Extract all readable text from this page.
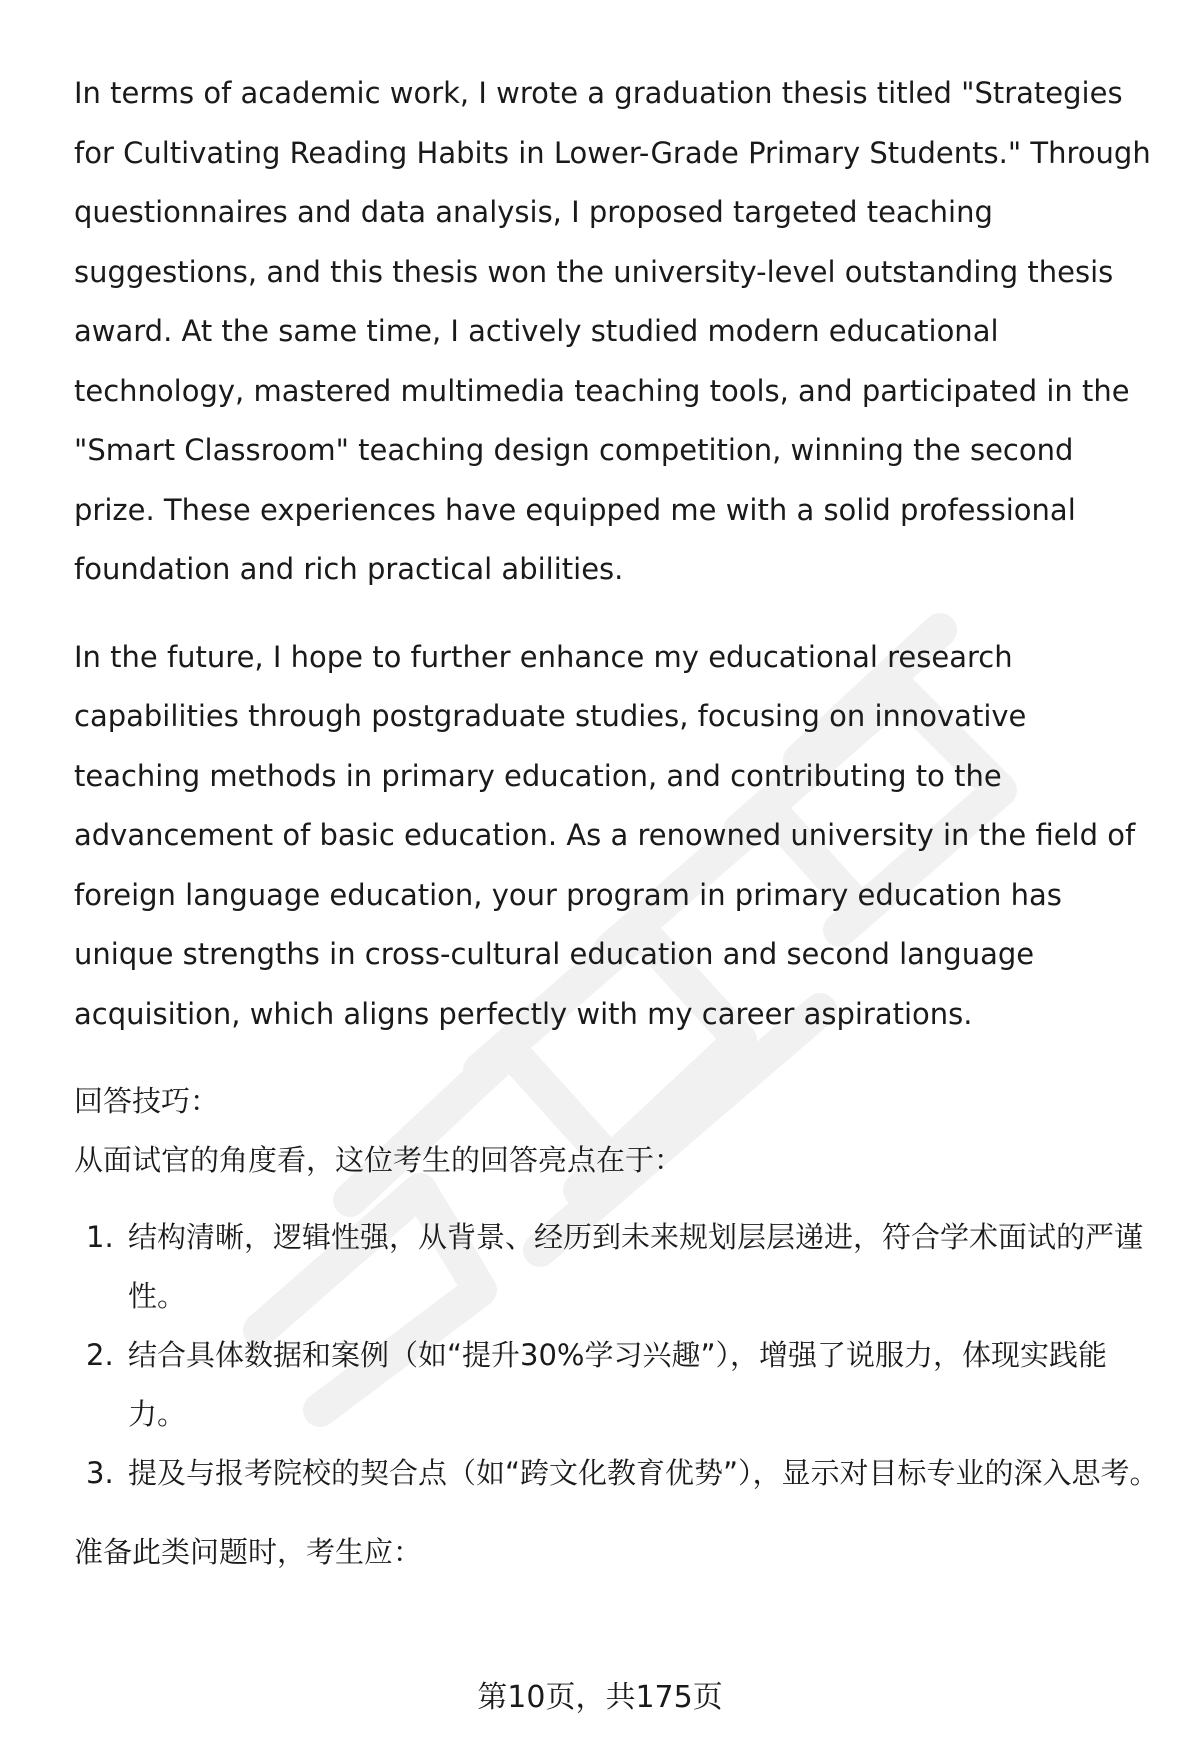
In terms of academic work, I wrote a graduation thesis titled "Strategies for Cultivating Reading Habits in Lower-Grade Primary Students." Through questionnaires and data analysis, I proposed targeted teaching suggestions, and this thesis won the university-level outstanding thesis award. At the same time, I actively studied modern educational technology, mastered multimedia teaching tools, and participated in the "Smart Classroom" teaching design competition, winning the second prize. These experiences have equipped me with a solid professional foundation and rich practical abilities.

In the future, I hope to further enhance my educational research capabilities through postgraduate studies, focusing on innovative teaching methods in primary education, and contributing to the advancement of basic education. As a renowned university in the field of foreign language education, your program in primary education has unique strengths in cross-cultural education and second language acquisition, which aligns perfectly with my career aspirations.

回答技巧：

从面试官的角度看，这位考生的回答亮点在于：

1. 结构清晰，逻辑性强，从背景、经历到未来规划层层递进，符合学术面试的严谨性。
2. 结合具体数据和案例（如“提升30%学习兴趣”），增强了说服力，体现实践能力。
3. 提及与报考院校的契合点（如“跨文化教育优势”），显示对目标专业的深入思考。

准备此类问题时，考生应：

第10页，共175页
